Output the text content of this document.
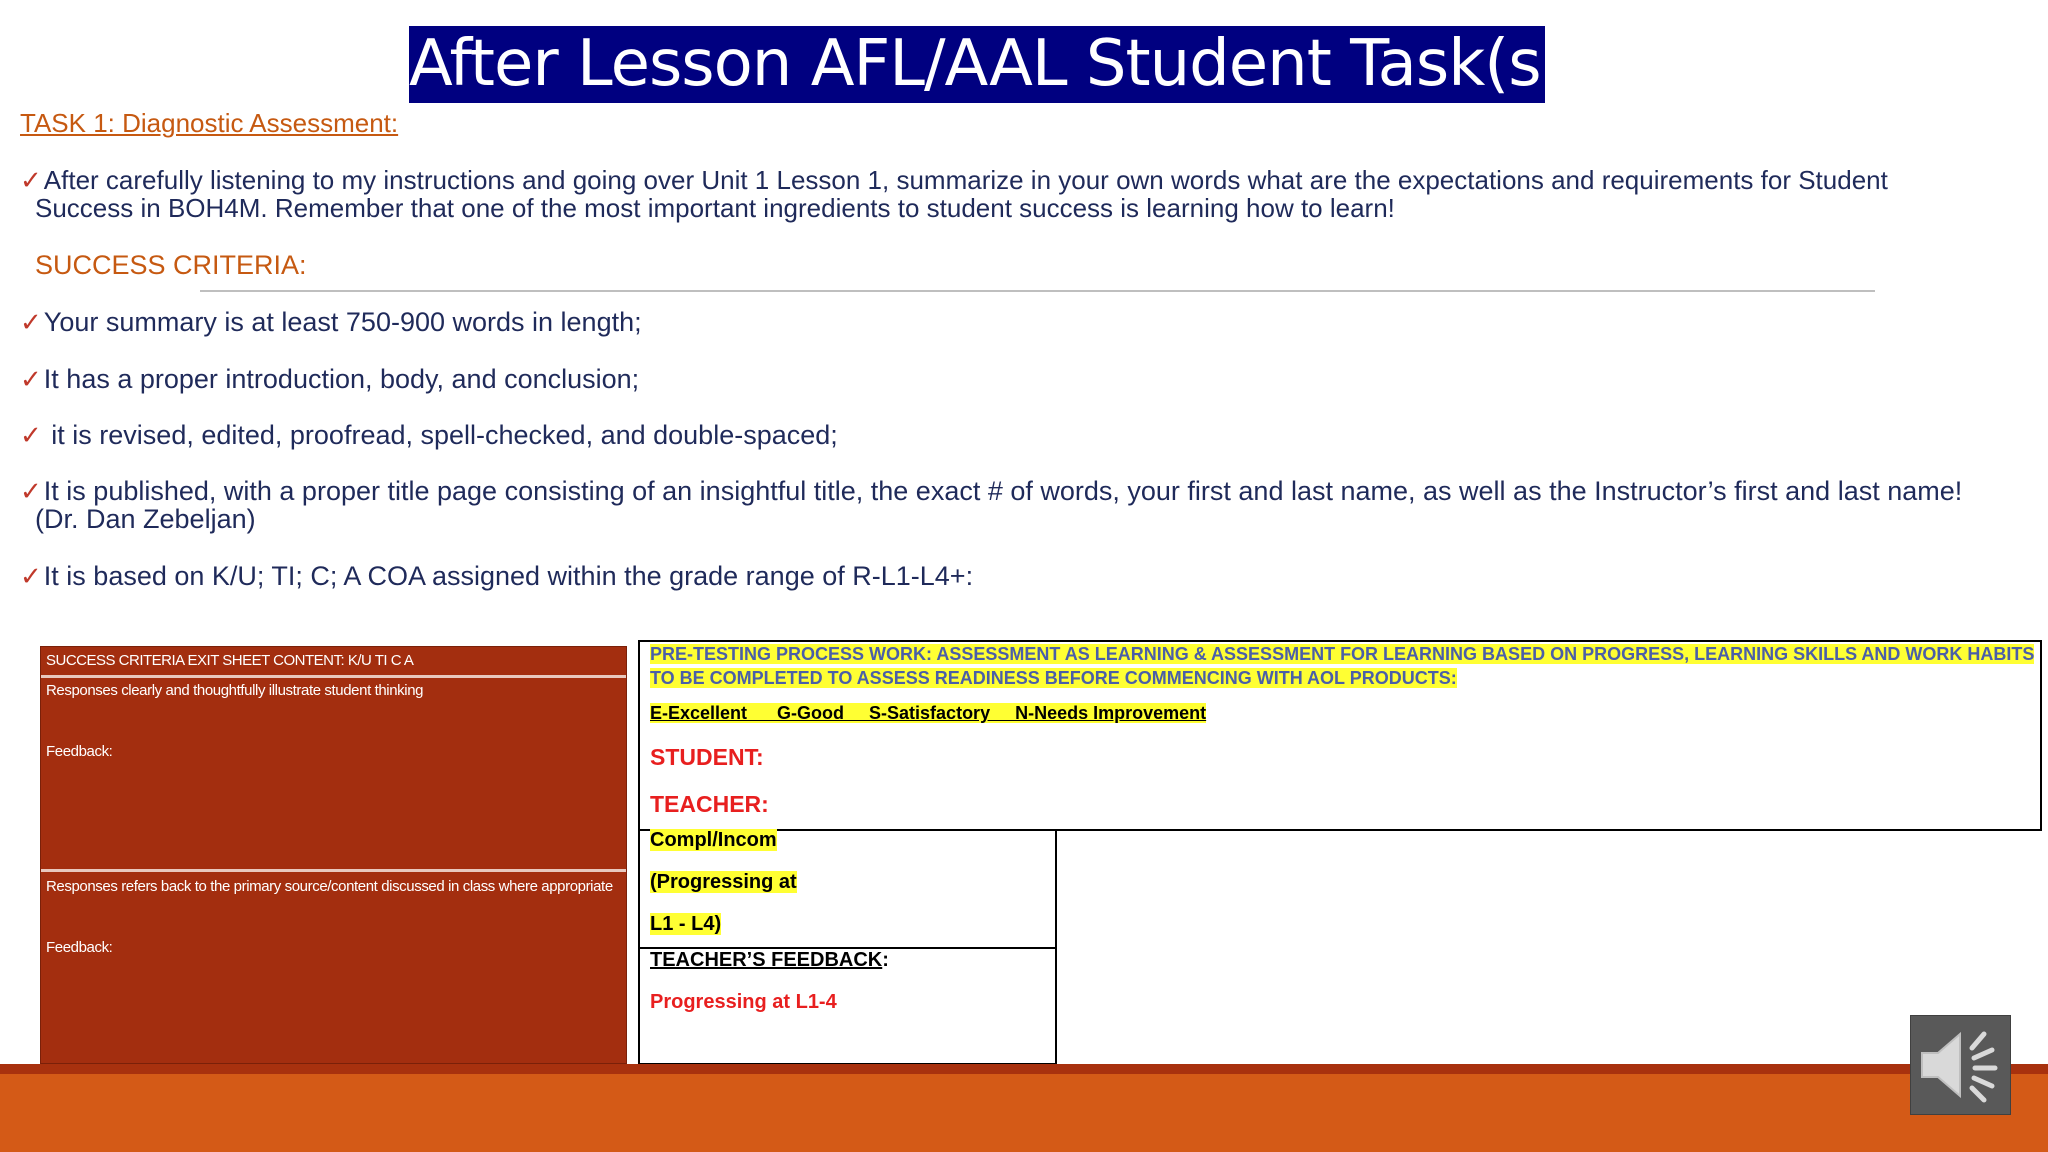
After Lesson AFL/AAL Student Task(s) :
TASK 1: Diagnostic Assessment:
✓After carefully listening to my instructions and going over Unit 1 Lesson 1, summarize in your own words what are the expectations and requirements for Student
Success in BOH4M. Remember that one of the most important ingredients to student success is learning how to learn!
SUCCESS CRITERIA:
✓Your summary is at least 750-900 words in length;
✓It has a proper introduction, body, and conclusion;
✓ it is revised, edited, proofread, spell-checked, and double-spaced;
✓It is published, with a proper title page consisting of an insightful title, the exact # of words, your first and last name, as well as the Instructor’s first and last name!
(Dr. Dan Zebeljan)
✓It is based on K/U; TI; C; A COA assigned within the grade range of R-L1-L4+:
SUCCESS CRITERIA EXIT SHEET CONTENT: K/U TI C A
Responses clearly and thoughtfully illustrate student thinking
Feedback:
Responses refers back to the primary source/content discussed in class where appropriate
Feedback:
PRE-TESTING PROCESS WORK: ASSESSMENT AS LEARNING & ASSESSMENT FOR LEARNING BASED ON PROGRESS, LEARNING SKILLS AND WORK HABITS TO BE COMPLETED TO ASSESS READINESS BEFORE COMMENCING WITH AOL PRODUCTS:
E-Excellent      G-Good     S-Satisfactory     N-Needs Improvement
STUDENT:
TEACHER:
Compl/Incom
(Progressing at
L1 - L4)
TEACHER’S FEEDBACK:
Progressing at L1-4
